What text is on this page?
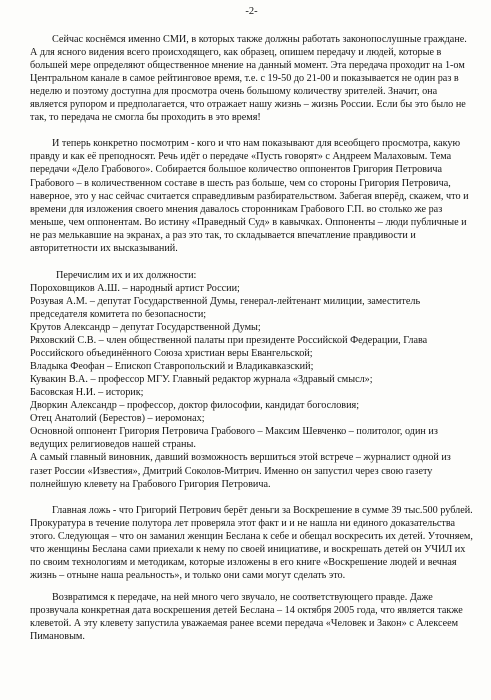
-2-

Сейчас коснёмся именно СМИ, в которых также должны работать законопослушные граждане. А для ясного видения всего происходящего, как образец, опишем передачу и людей, которые в большей мере определяют общественное мнение на данный момент. Эта передача проходит на 1-ом Центральном канале в самое рейтинговое время, т.е. с 19-50 до 21-00 и показывается не один раз в неделю и поэтому доступна для просмотра очень большому количеству зрителей. Значит, она является рупором и предполагается, что отражает нашу жизнь – жизнь России. Если бы это было не так, то передача не смогла бы проходить в это время!

И теперь конкретно посмотрим - кого и что нам показывают для всеобщего просмотра, какую правду и как её преподносят. Речь идёт о передаче «Пусть говорят» с Андреем Малаховым. Тема передачи «Дело Грабового». Собирается большое количество оппонентов Григория Петровича Грабового – в количественном составе в шесть раз больше, чем со стороны Григория Петровича, наверное, это у нас сейчас считается справедливым разбирательством. Забегая вперёд, скажем, что и времени для изложения своего мнения давалось сторонникам Грабового Г.П. во столько же раз меньше, чем оппонентам. Во истину «Праведный Суд» в кавычках. Оппоненты – люди публичные и не раз мелькавшие на экранах, а раз это так, то складывается впечатление правдивости и авторитетности их высказываний.

Перечислим их и их должности:

Пороховщиков А.Ш. – народный артист России;

Розувая А.М. – депутат Государственной Думы, генерал-лейтенант милиции, заместитель председателя комитета по безопасности;

Крутов Александр – депутат Государственной Думы;

Ряховский С.В. – член общественной палаты при президенте Российской Федерации, Глава Российского объединённого Союза христиан веры Евангельской;

Владыка Феофан – Епископ Ставропольский и Владикавказский;

Кувакин В.А. – профессор МГУ. Главный редактор журнала «Здравый смысл»;

Басовская Н.И. – историк;

Дворкин Александр – профессор, доктор философии, кандидат богословия;

Отец Анатолий (Берестов) – иеромонах;

Основной оппонент Григория Петровича Грабового – Максим Шевченко – политолог, один из ведущих религиоведов нашей страны.

А самый главный виновник, давший возможность вершиться этой встрече – журналист одной из газет России «Известия», Дмитрий Соколов-Митрич. Именно он запустил через свою газету полнейшую клевету на Грабового Григория Петровича.

Главная ложь - что Григорий Петрович берёт деньги за Воскрешение в сумме 39 тыс.500 рублей. Прокуратура в течение полутора лет проверяла этот факт и и не нашла ни единого доказательства этого. Следующая – что он заманил женщин Беслана к себе и обещал воскресить их детей. Уточняем, что женщины Беслана сами приехали к нему по своей инициативе, и воскрешать детей он УЧИЛ их по своим технологиям и методикам, которые изложены в его книге «Воскрешение людей и вечная жизнь – отныне наша реальность», и только они сами могут сделать это.

Возвратимся к передаче, на ней много чего звучало, не соответствующего правде. Даже прозвучала конкретная дата воскрешения детей Беслана – 14 октября 2005 года, что является также клеветой. А эту клевету запустила уважаемая ранее всеми передача «Человек и Закон» с Алексеем Пимановым.
